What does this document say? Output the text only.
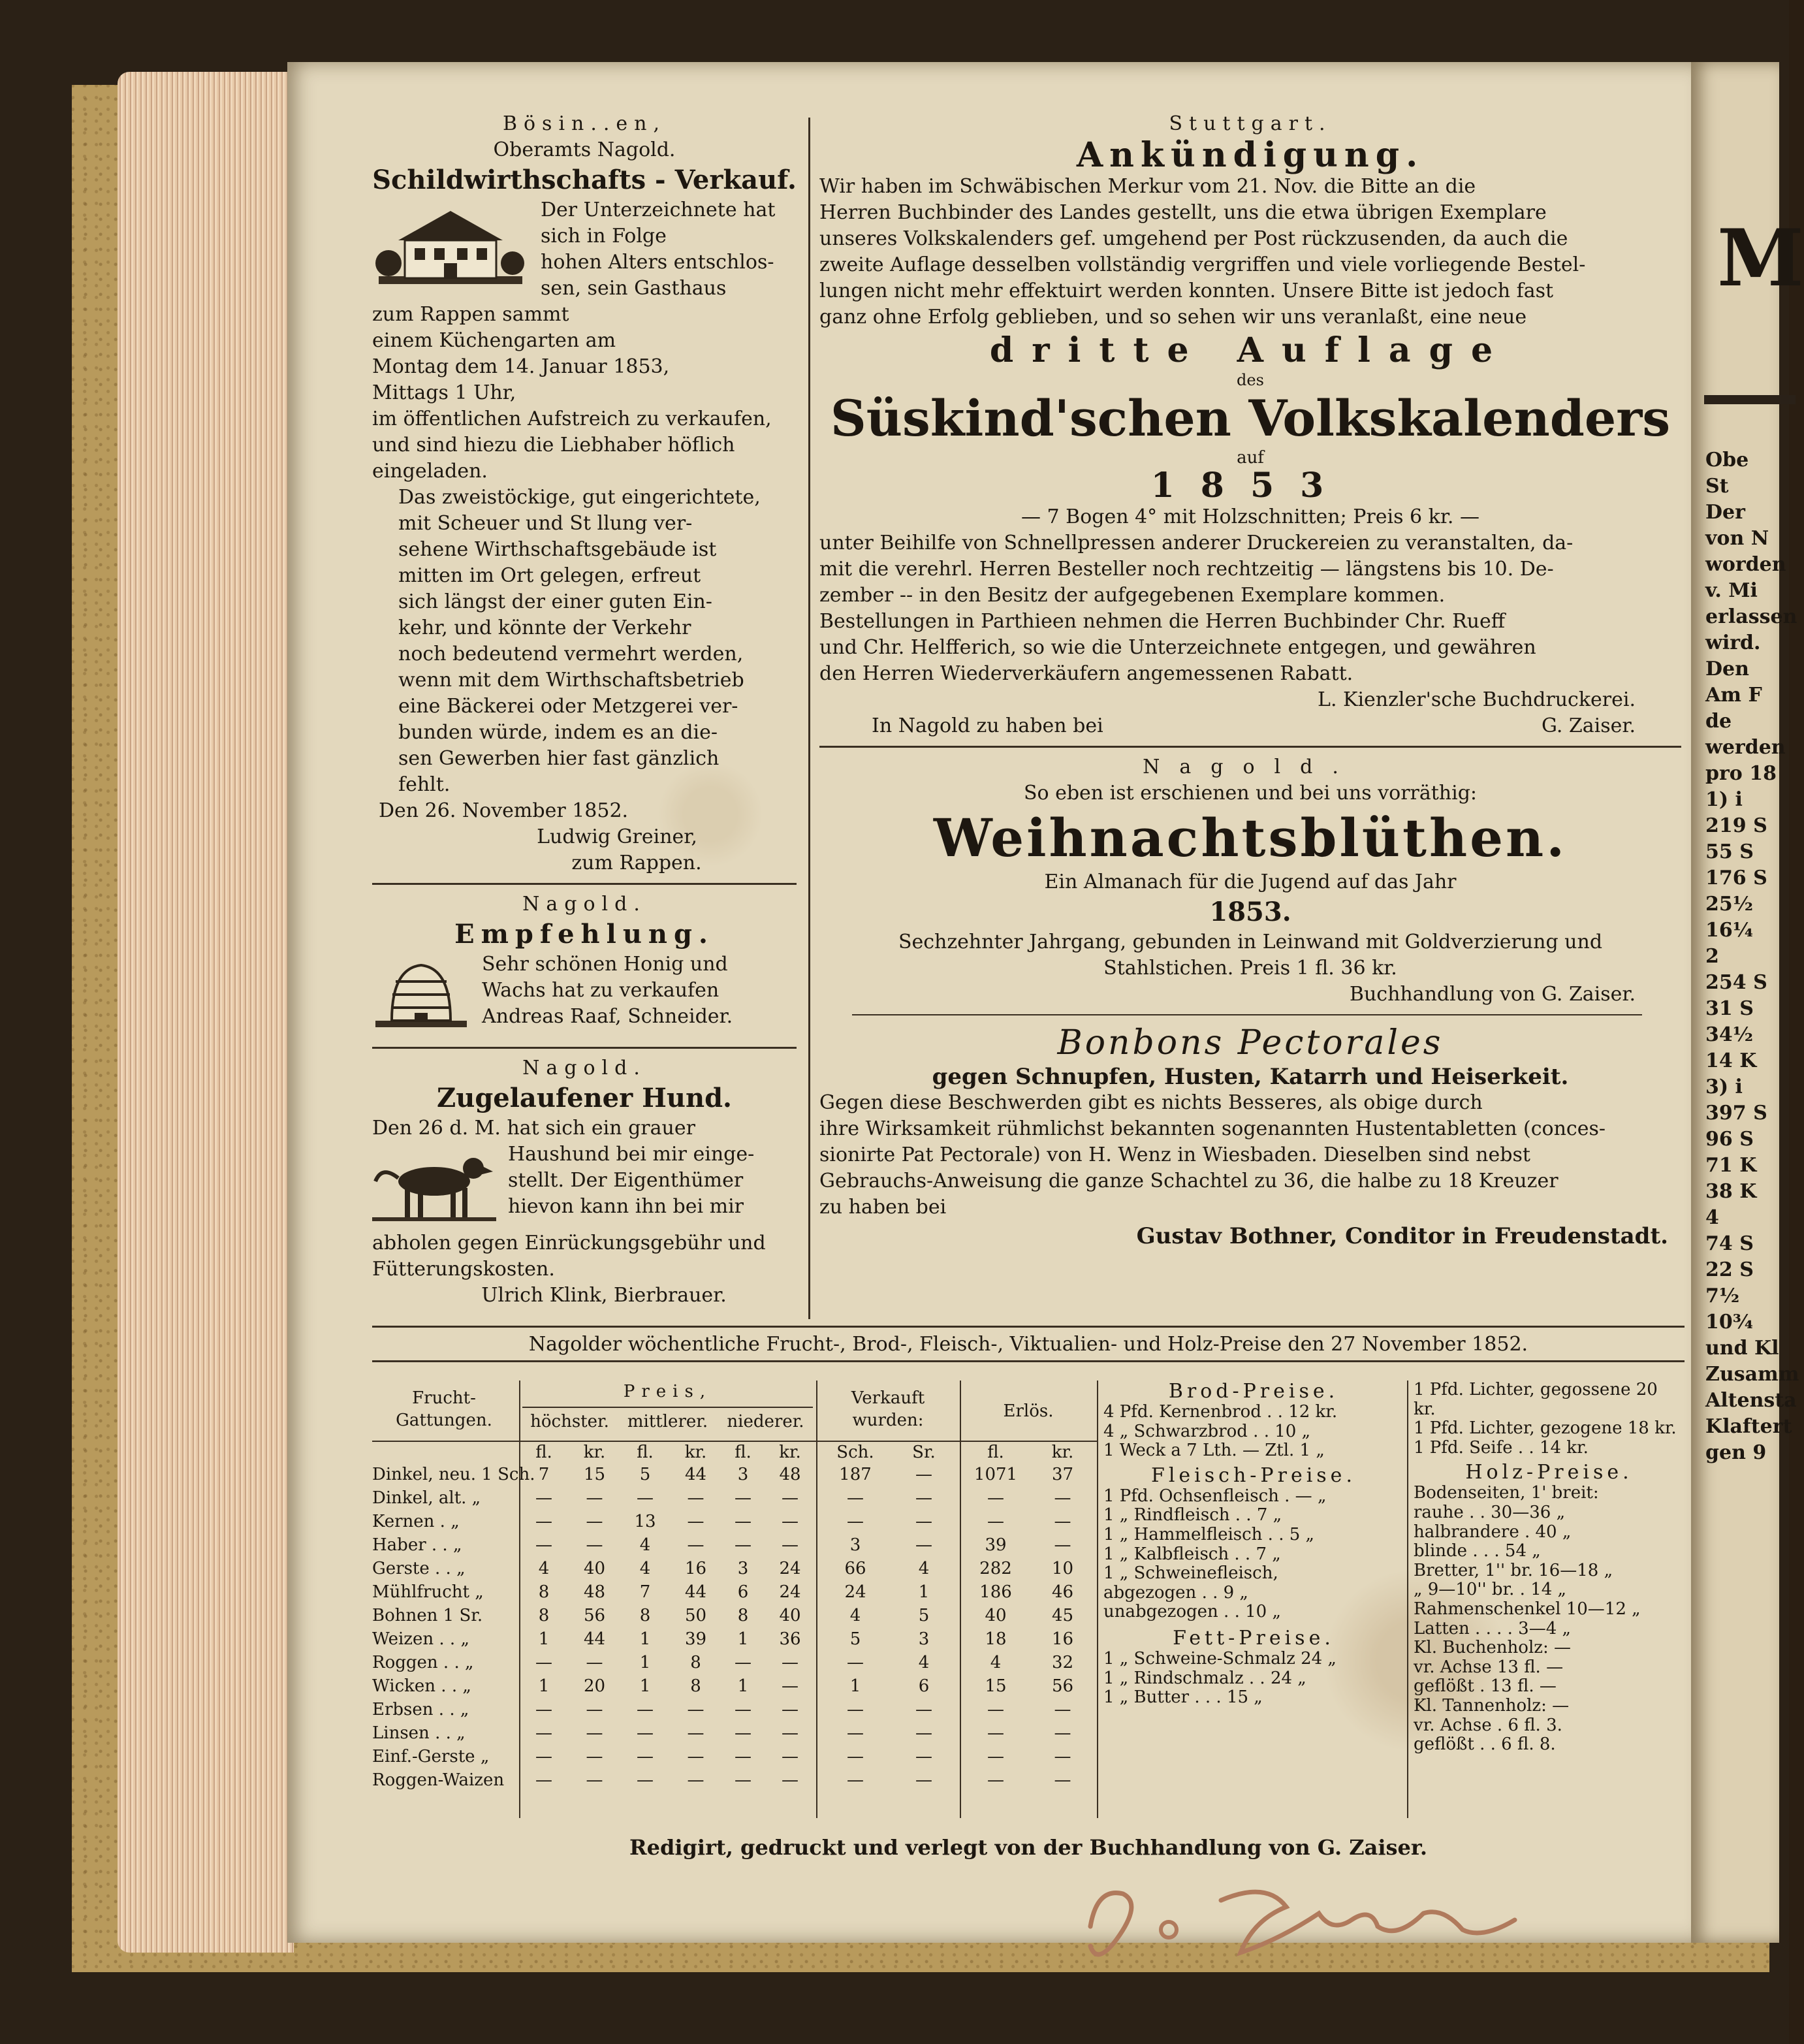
M
Obe
St
Der
von N
worden
v. Mi
erlassen
wird.
Den
Am F
de
werden
pro 18
1) i
219 S
55 S
176 S
25½
16¼
2
254 S
31 S
34½
14 K
3) i
397 S
96 S
71 K
38 K
4
74 S
22 S
7½
10¾
und Kl
Zusamm
Altensta
Klaftert
gen 9
Bösin..en,
Oberamts Nagold.
Schildwirthschafts - Verkauf.
Der Unterzeichnete hat sich in Folge
hohen Alters entschlos-
sen, sein Gasthaus
zum Rappen sammt
einem Küchengarten am
Montag dem 14. Januar 1853,
Mittags 1 Uhr,
im öffentlichen Aufstreich zu verkaufen,
und sind hiezu die Liebhaber höflich
eingeladen.
Das zweistöckige, gut eingerichtete,
mit Scheuer und St llung ver-
sehene Wirthschaftsgebäude ist
mitten im Ort gelegen, erfreut
sich längst der einer guten Ein-
kehr, und könnte der Verkehr
noch bedeutend vermehrt werden,
wenn mit dem Wirthschaftsbetrieb
eine Bäckerei oder Metzgerei ver-
bunden würde, indem es an die-
sen Gewerben hier fast gänzlich
fehlt.
Den 26. November 1852.
Ludwig Greiner,
zum Rappen.
Nagold.
Empfehlung.
Sehr schönen Honig und
Wachs hat zu verkaufen
Andreas Raaf, Schneider.
Nagold.
Zugelaufener Hund.
Den 26 d. M. hat sich ein grauer
Haushund bei mir einge-
stellt. Der Eigenthümer
hievon kann ihn bei mir
abholen gegen Einrückungsgebühr und
Fütterungskosten.
Ulrich Klink, Bierbrauer.
Stuttgart.
Ankündigung.
Wir haben im Schwäbischen Merkur vom 21. Nov. die Bitte an die
Herren Buchbinder des Landes gestellt, uns die etwa übrigen Exemplare
unseres Volkskalenders gef. umgehend per Post rückzusenden, da auch die
zweite Auflage desselben vollständig vergriffen und viele vorliegende Bestel-
lungen nicht mehr effektuirt werden konnten. Unsere Bitte ist jedoch fast
ganz ohne Erfolg geblieben, und so sehen wir uns veranlaßt, eine neue
dritte Auflage
des
Süskind'schen Volkskalenders
auf
1853
— 7 Bogen 4° mit Holzschnitten; Preis 6 kr. —
unter Beihilfe von Schnellpressen anderer Druckereien zu veranstalten, da-
mit die verehrl. Herren Besteller noch rechtzeitig — längstens bis 10. De-
zember -- in den Besitz der aufgegebenen Exemplare kommen.
Bestellungen in Parthieen nehmen die Herren Buchbinder Chr. Rueff
und Chr. Helfferich, so wie die Unterzeichnete entgegen, und gewähren
den Herren Wiederverkäufern angemessenen Rabatt.
L. Kienzler'sche Buchdruckerei.
In Nagold zu haben bei	G. Zaiser.
Nagold.
So eben ist erschienen und bei uns vorräthig:
Weihnachtsblüthen.
Ein Almanach für die Jugend auf das Jahr
1853.
Sechzehnter Jahrgang, gebunden in Leinwand mit Goldverzierung und
Stahlstichen. Preis 1 fl. 36 kr.
Buchhandlung von G. Zaiser.
Bonbons Pectorales
gegen Schnupfen, Husten, Katarrh und Heiserkeit.
Gegen diese Beschwerden gibt es nichts Besseres, als obige durch
ihre Wirksamkeit rühmlichst bekannten sogenannten Hustentabletten (conces-
sionirte Pat Pectorale) von H. Wenz in Wiesbaden. Dieselben sind nebst
Gebrauchs-Anweisung die ganze Schachtel zu 36, die halbe zu 18 Kreuzer
zu haben bei
Gustav Bothner, Conditor in Freudenstadt.
Nagolder wöchentliche Frucht-, Brod-, Fleisch-, Viktualien- und Holz-Preise den 27 November 1852.
Frucht-Gattungen.
Preis,
höchster.	mittlerer.	niederer.
Verkauft wurden:	Erlös.
fl.	kr.	fl.	kr.	fl.	kr.	Sch.	Sr.	fl.	kr.
Dinkel, neu. 1 Sch. 7	15	5	44	3	48	187	—	1071	37
Dinkel, alt. „	—	—	—	—	—	—	—	—	—	—
Kernen . „	—	—	13	—	—	—	—	—	—	—
Haber . . „	—	—	4	—	—	—	3	—	39	—
Gerste . . „	4	40	4	16	3	24	66	4	282	10
Mühlfrucht „	8	48	7	44	6	24	24	1	186	46
Bohnen 1 Sr.	8	56	8	50	8	40	4	5	40	45
Weizen . . „	1	44	1	39	1	36	5	3	18	16
Roggen . . „	—	—	1	8	—	—	—	4	4	32
Wicken . . „	1	20	1	8	1	—	1	6	15	56
Erbsen . . „	—	—	—	—	—	—	—	—	—	—
Linsen . . „	—	—	—	—	—	—	—	—	—	—
Einf.-Gerste „	—	—	—	—	—	—	—	—	—	—
Roggen-Waizen	—	—	—	—	—	—	—	—	—	—
Brod-Preise.
4 Pfd. Kernenbrod . . 12 kr.
4 „ Schwarzbrod . . 10 „
1 Weck a 7 Lth. — Ztl. 1 „
Fleisch-Preise.
1 Pfd. Ochsenfleisch . — „
1 „ Rindfleisch . . 7 „
1 „ Hammelfleisch . . 5 „
1 „ Kalbfleisch . . 7 „
1 „ Schweinefleisch,
abgezogen . . 9 „
unabgezogen . . 10 „
Fett-Preise.
1 „ Schweine-Schmalz 24 „
1 „ Rindschmalz . . 24 „
1 „ Butter . . . 15 „
1 Pfd. Lichter, gegossene 20 kr.
1 Pfd. Lichter, gezogene 18 kr.
1 Pfd. Seife . . 14 kr.
Holz-Preise.
Bodenseiten, 1' breit:
rauhe . . 30—36 „
halbrandere . 40 „
blinde . . . 54 „
Bretter, 1'' br. 16—18 „
„ 9—10'' br. . 14 „
Rahmenschenkel 10—12 „
Latten . . . . 3—4 „
Kl. Buchenholz: —
vr. Achse 13 fl. —
geflößt . 13 fl. —
Kl. Tannenholz: —
vr. Achse . 6 fl. 3.
geflößt . . 6 fl. 8.
Redigirt, gedruckt und verlegt von der Buchhandlung von G. Zaiser.
